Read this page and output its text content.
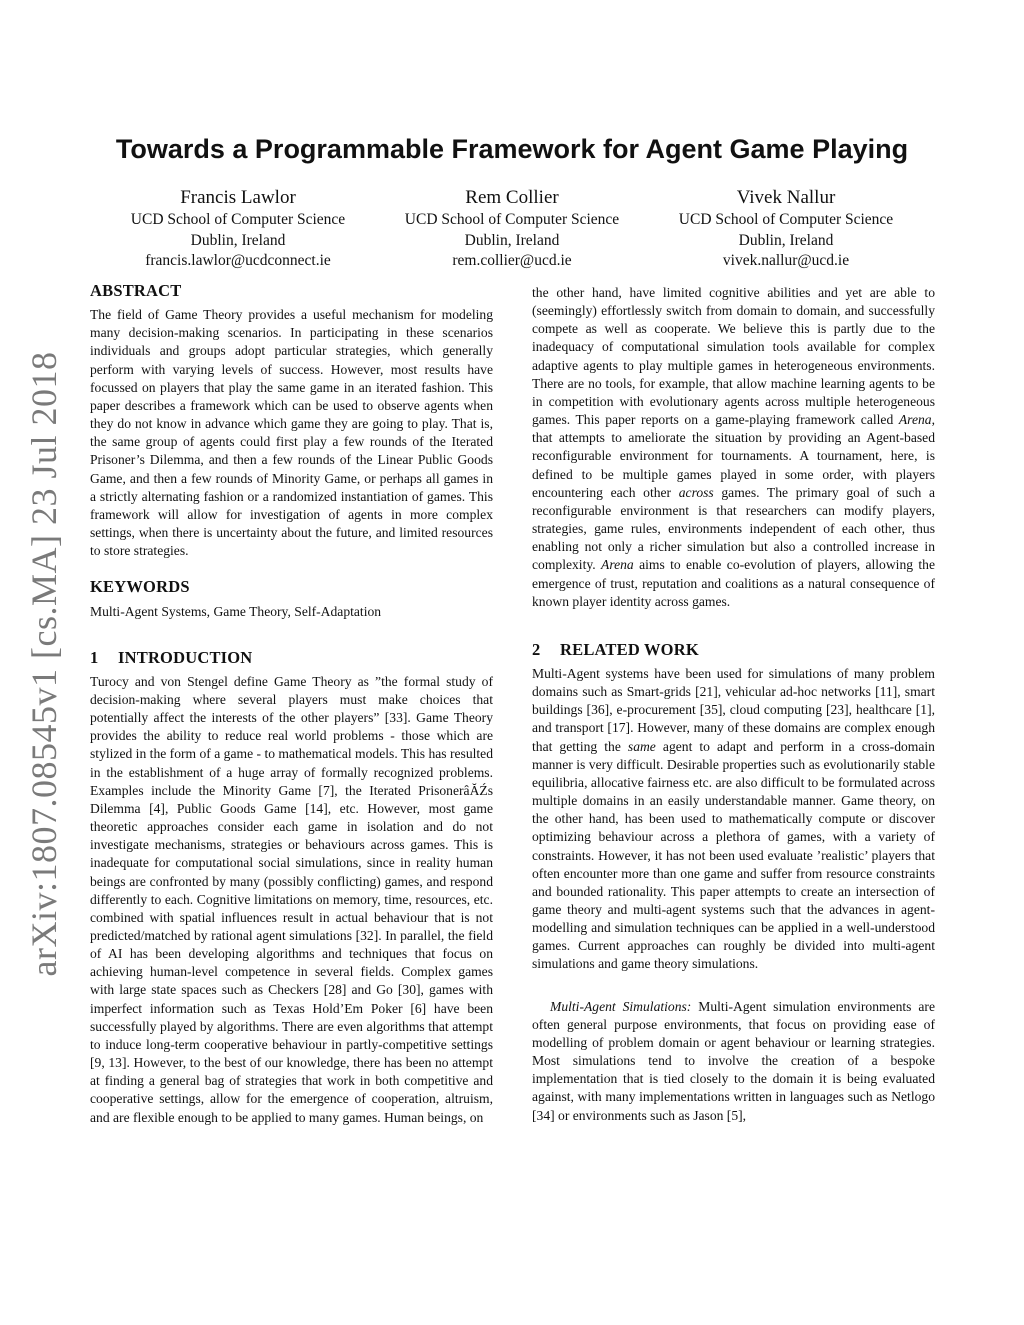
arXiv:1807.08545v1 [cs.MA] 23 Jul 2018
Towards a Programmable Framework for Agent Game Playing
Francis Lawlor
UCD School of Computer Science
Dublin, Ireland
francis.lawlor@ucdconnect.ie
Rem Collier
UCD School of Computer Science
Dublin, Ireland
rem.collier@ucd.ie
Vivek Nallur
UCD School of Computer Science
Dublin, Ireland
vivek.nallur@ucd.ie
ABSTRACT

The field of Game Theory provides a useful mechanism for modeling many decision-making scenarios. In participating in these scenarios individuals and groups adopt particular strategies, which generally perform with varying levels of success. However, most results have focussed on players that play the same game in an iterated fashion. This paper describes a framework which can be used to observe agents when they do not know in advance which game they are going to play. That is, the same group of agents could first play a few rounds of the Iterated Prisoner’s Dilemma, and then a few rounds of the Linear Public Goods Game, and then a few rounds of Minority Game, or perhaps all games in a strictly alternating fashion or a randomized instantiation of games. This framework will allow for investigation of agents in more complex settings, when there is uncertainty about the future, and limited resources to store strategies.

KEYWORDS

Multi-Agent Systems, Game Theory, Self-Adaptation

1 INTRODUCTION

Turocy and von Stengel define Game Theory as ”the formal study of decision-making where several players must make choices that potentially affect the interests of the other players” [33]. Game Theory provides the ability to reduce real world problems - those which are stylized in the form of a game - to mathematical models. This has resulted in the establishment of a huge array of formally recognized problems. Examples include the Minority Game [7], the Iterated PrisonerâĂŹs Dilemma [4], Public Goods Game [14], etc. However, most game theoretic approaches consider each game in isolation and do not investigate mechanisms, strategies or behaviours across games. This is inadequate for computational social simulations, since in reality human beings are confronted by many (possibly conflicting) games, and respond differently to each. Cognitive limitations on memory, time, resources, etc. combined with spatial influences result in actual behaviour that is not predicted/matched by rational agent simulations [32]. In parallel, the field of AI has been developing algorithms and techniques that focus on achieving human-level competence in several fields. Complex games with large state spaces such as Checkers [28] and Go [30], games with imperfect information such as Texas Hold’Em Poker [6] have been successfully played by algorithms. There are even algorithms that attempt to induce long-term cooperative behaviour in partly-competitive settings [9, 13]. However, to the best of our knowledge, there has been no attempt at finding a general bag of strategies that work in both competitive and cooperative settings, allow for the emergence of cooperation, altruism, and are flexible enough to be applied to many games. Human beings, on

the other hand, have limited cognitive abilities and yet are able to (seemingly) effortlessly switch from domain to domain, and successfully compete as well as cooperate. We believe this is partly due to the inadequacy of computational simulation tools available for complex adaptive agents to play multiple games in heterogeneous environments. There are no tools, for example, that allow machine learning agents to be in competition with evolutionary agents across multiple heterogeneous games. This paper reports on a game-playing framework called Arena, that attempts to ameliorate the situation by providing an Agent-based reconfigurable environment for tournaments. A tournament, here, is defined to be multiple games played in some order, with players encountering each other across games. The primary goal of such a reconfigurable environment is that researchers can modify players, strategies, game rules, environments independent of each other, thus enabling not only a richer simulation but also a controlled increase in complexity. Arena aims to enable co-evolution of players, allowing the emergence of trust, reputation and coalitions as a natural consequence of known player identity across games.

2 RELATED WORK

Multi-Agent systems have been used for simulations of many problem domains such as Smart-grids [21], vehicular ad-hoc networks [11], smart buildings [36], e-procurement [35], cloud computing [23], healthcare [1], and transport [17]. However, many of these domains are complex enough that getting the same agent to adapt and perform in a cross-domain manner is very difficult. Desirable properties such as evolutionarily stable equilibria, allocative fairness etc. are also difficult to be formulated across multiple domains in an easily understandable manner. Game theory, on the other hand, has been used to mathematically compute or discover optimizing behaviour across a plethora of games, with a variety of constraints. However, it has not been used evaluate ’realistic’ players that often encounter more than one game and suffer from resource constraints and bounded rationality. This paper attempts to create an intersection of game theory and multi-agent systems such that the advances in agent-modelling and simulation techniques can be applied in a well-understood games. Current approaches can roughly be divided into multi-agent simulations and game theory simulations.

Multi-Agent Simulations: Multi-Agent simulation environments are often general purpose environments, that focus on providing ease of modelling of problem domain or agent behaviour or learning strategies. Most simulations tend to involve the creation of a bespoke implementation that is tied closely to the domain it is being evaluated against, with many implementations written in languages such as Netlogo [34] or environments such as Jason [5],
